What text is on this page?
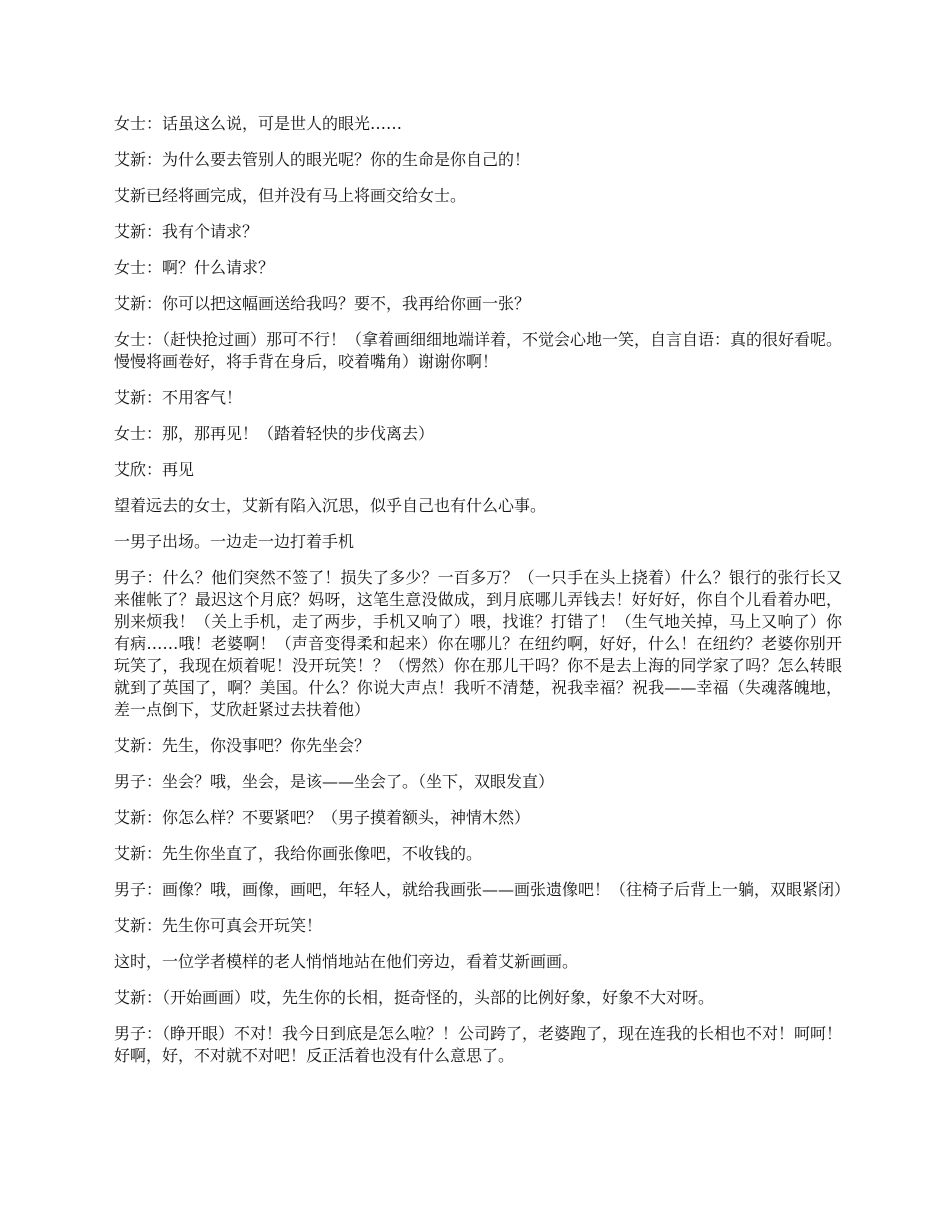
女士：话虽这么说，可是世人的眼光……

艾新：为什么要去管别人的眼光呢？你的生命是你自己的！

艾新已经将画完成，但并没有马上将画交给女士。

艾新：我有个请求？

女士：啊？什么请求？

艾新：你可以把这幅画送给我吗？要不，我再给你画一张？

女士：（赶快抢过画）那可不行！（拿着画细细地端详着，不觉会心地一笑，自言自语：真的很好看呢。慢慢将画卷好，将手背在身后，咬着嘴角）谢谢你啊！

艾新：不用客气！

女士：那，那再见！（踏着轻快的步伐离去）

艾欣：再见

望着远去的女士，艾新有陷入沉思，似乎自己也有什么心事。

一男子出场。一边走一边打着手机

男子：什么？他们突然不签了！损失了多少？一百多万？（一只手在头上挠着）什么？银行的张行长又来催帐了？最迟这个月底？妈呀，这笔生意没做成，到月底哪儿弄钱去！好好好，你自个儿看着办吧，别来烦我！（关上手机，走了两步，手机又响了）喂，找谁？打错了！（生气地关掉，马上又响了）你有病……哦！老婆啊！（声音变得柔和起来）你在哪儿？在纽约啊，好好，什么！在纽约？老婆你别开玩笑了，我现在烦着呢！没开玩笑！？（愣然）你在那儿干吗？你不是去上海的同学家了吗？怎么转眼就到了英国了，啊？美国。什么？你说大声点！我听不清楚，祝我幸福？祝我——幸福（失魂落魄地，差一点倒下，艾欣赶紧过去扶着他）

艾新：先生，你没事吧？你先坐会？

男子：坐会？哦，坐会，是该——坐会了。（坐下，双眼发直）

艾新：你怎么样？不要紧吧？（男子摸着额头，神情木然）

艾新：先生你坐直了，我给你画张像吧，不收钱的。

男子：画像？哦，画像，画吧，年轻人，就给我画张——画张遗像吧！（往椅子后背上一躺，双眼紧闭）

艾新：先生你可真会开玩笑！

这时，一位学者模样的老人悄悄地站在他们旁边，看着艾新画画。

艾新：（开始画画）哎，先生你的长相，挺奇怪的，头部的比例好象，好象不大对呀。

男子：（睁开眼）不对！我今日到底是怎么啦？！公司跨了，老婆跑了，现在连我的长相也不对！呵呵！好啊，好，不对就不对吧！反正活着也没有什么意思了。
